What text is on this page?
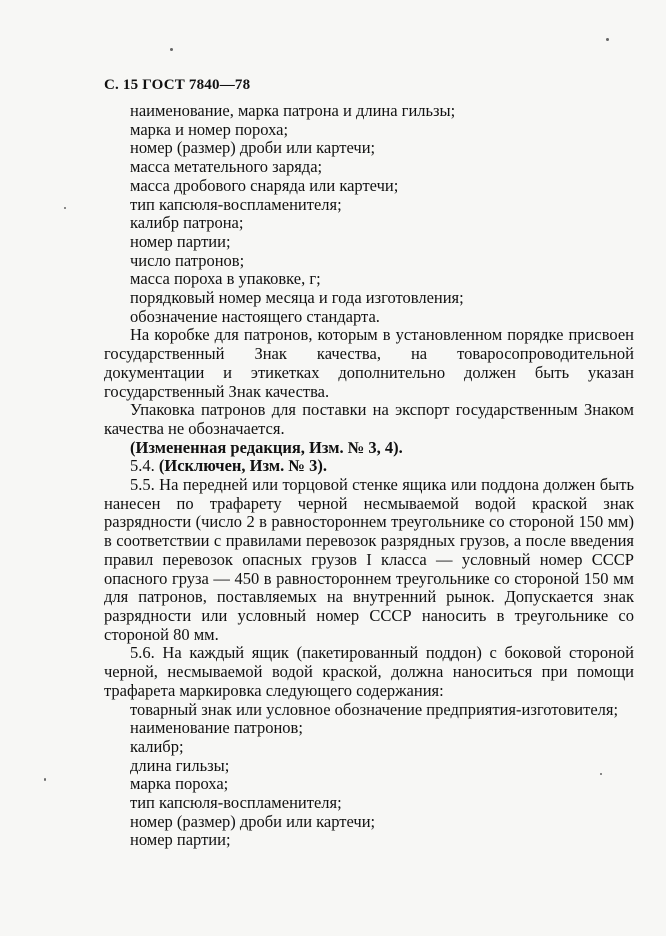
С. 15 ГОСТ 7840—78
наименование, марка патрона и длина гильзы;
марка и номер пороха;
номер (размер) дроби или картечи;
масса метательного заряда;
масса дробового снаряда или картечи;
тип капсюля-воспламенителя;
калибр патрона;
номер партии;
число патронов;
масса пороха в упаковке, г;
порядковый номер месяца и года изготовления;
обозначение настоящего стандарта.

На коробке для патронов, которым в установленном порядке присвоен государственный Знак качества, на товаросопроводительной документации и этикетках дополнительно должен быть указан государственный Знак качества.

Упаковка патронов для поставки на экспорт государственным Знаком качества не обозначается.

(Измененная редакция, Изм. № 3, 4).

5.4. (Исключен, Изм. № 3).

5.5. На передней или торцовой стенке ящика или поддона должен быть нанесен по трафарету черной несмываемой водой краской знак разрядности (число 2 в равностороннем треугольнике со стороной 150 мм) в соответствии с правилами перевозок разрядных грузов, а после введения правил перевозок опасных грузов I класса — условный номер СССР опасного груза — 450 в равностороннем треугольнике со стороной 150 мм для патронов, поставляемых на внутренний рынок. Допускается знак разрядности или условный номер СССР наносить в треугольнике со стороной 80 мм.

5.6. На каждый ящик (пакетированный поддон) с боковой стороной черной, несмываемой водой краской, должна наноситься при помощи трафарета маркировка следующего содержания:

товарный знак или условное обозначение предприятия-изготовителя;

наименование патронов;
калибр;
длина гильзы;
марка пороха;
тип капсюля-воспламенителя;
номер (размер) дроби или картечи;
номер партии;
